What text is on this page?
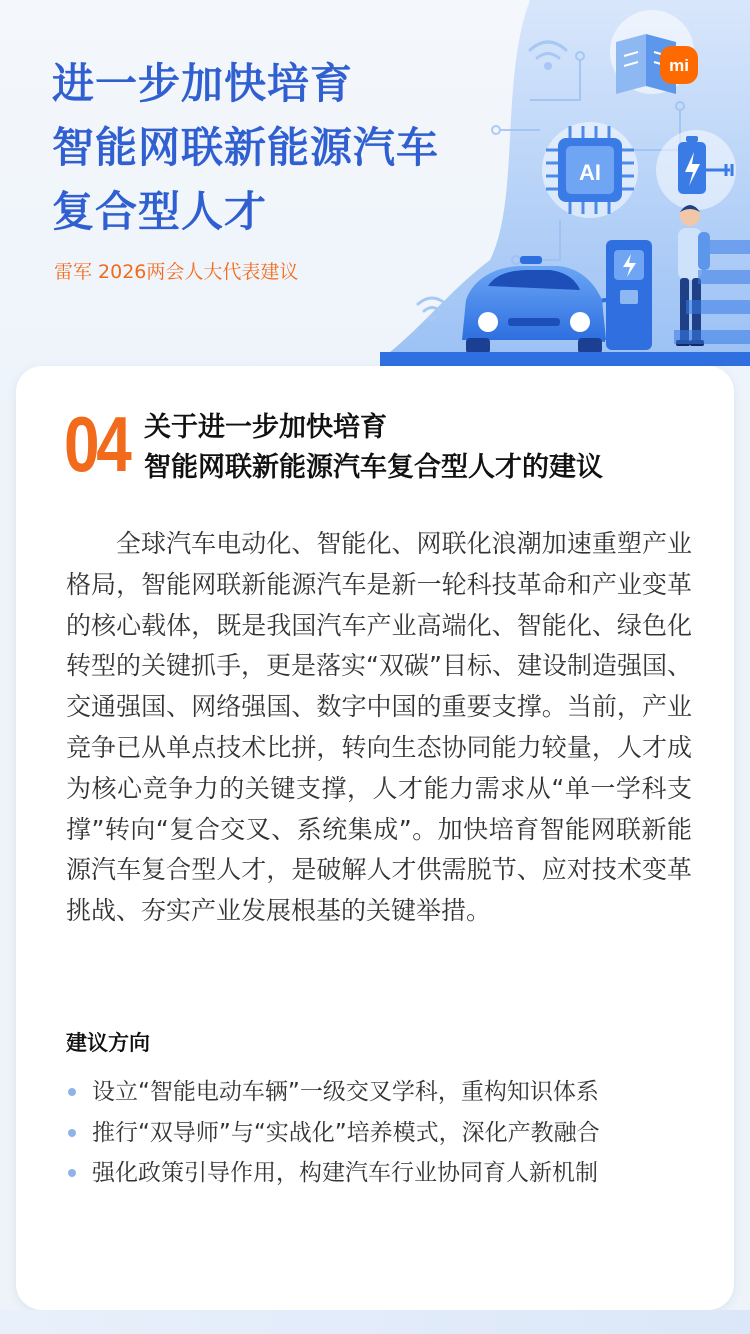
mi
AI
进一步加快培育
智能网联新能源汽车
复合型人才

雷军 2026两会人大代表建议

04 关于进一步加快培育
智能网联新能源汽车复合型人才的建议

全球汽车电动化、智能化、网联化浪潮加速重塑产业格局，智能网联新能源汽车是新一轮科技革命和产业变革的核心载体，既是我国汽车产业高端化、智能化、绿色化转型的关键抓手，更是落实“双碳”目标、建设制造强国、交通强国、网络强国、数字中国的重要支撑。当前，产业竞争已从单点技术比拼，转向生态协同能力较量，人才成为核心竞争力的关键支撑，人才能力需求从“单一学科支撑”转向“复合交叉、系统集成”。加快培育智能网联新能源汽车复合型人才，是破解人才供需脱节、应对技术变革挑战、夯实产业发展根基的关键举措。

建议方向
设立“智能电动车辆”一级交叉学科，重构知识体系
推行“双导师”与“实战化”培养模式，深化产教融合
强化政策引导作用，构建汽车行业协同育人新机制
